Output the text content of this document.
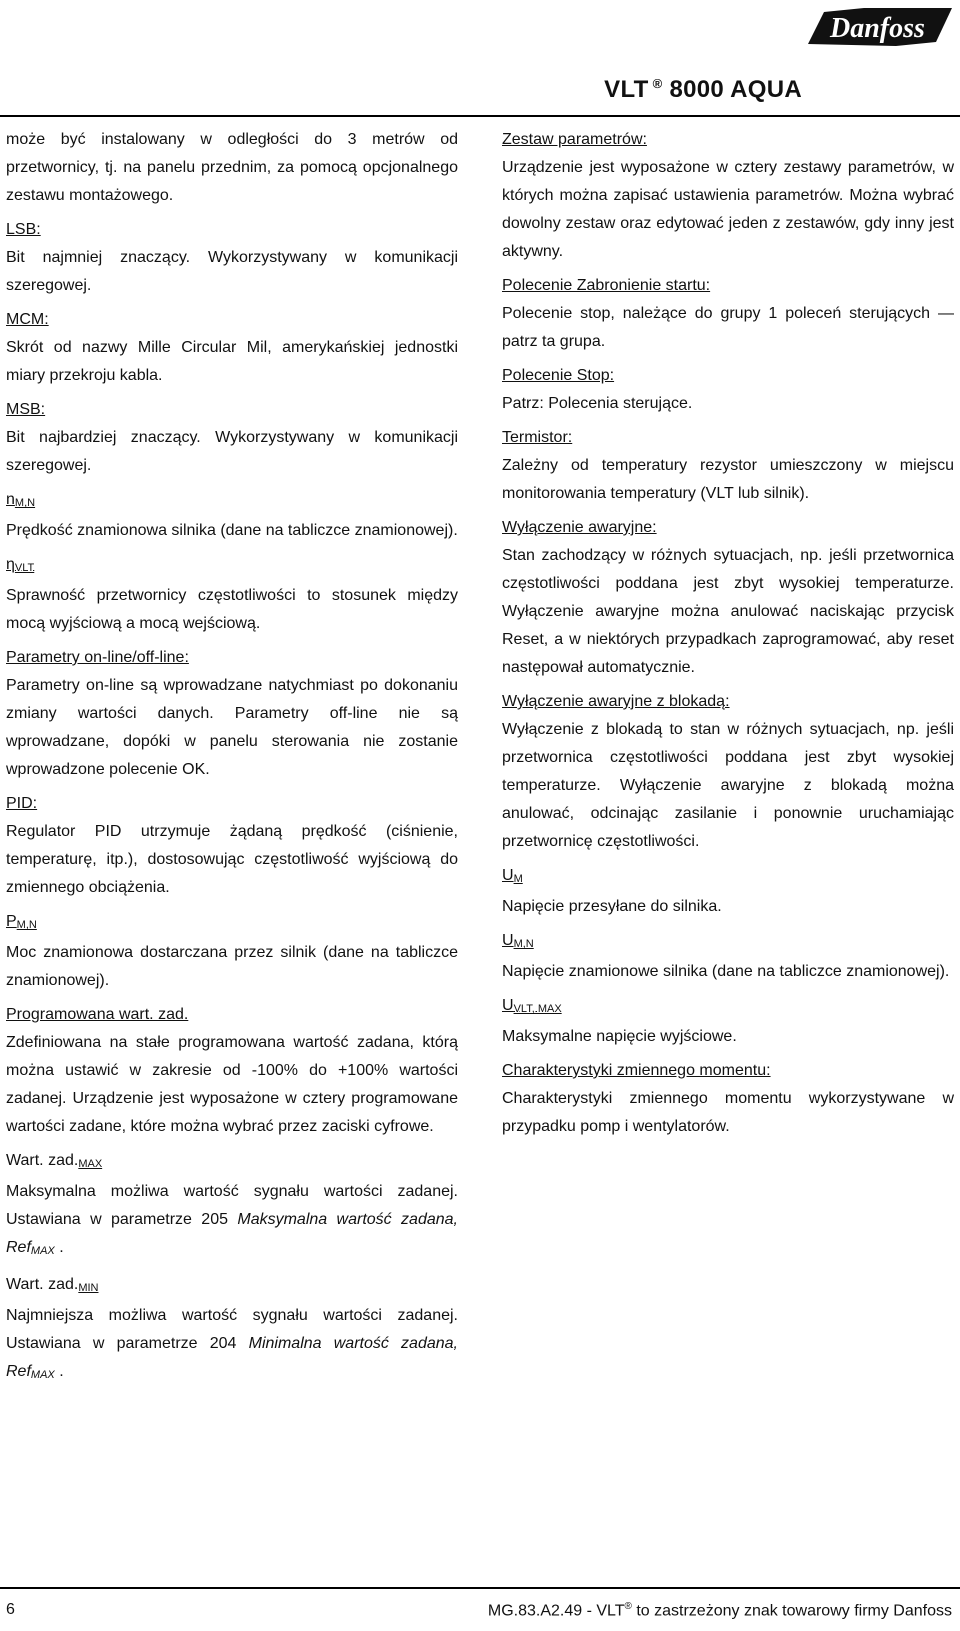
Danfoss
VLT ® 8000 AQUA

może być instalowany w odległości do 3 metrów od przetwornicy, tj. na panelu przednim, za pomocą opcjonalnego zestawu montażowego.

LSB:

Bit najmniej znaczący. Wykorzystywany w komunikacji szeregowej.

MCM:

Skrót od nazwy Mille Circular Mil, amerykańskiej jednostki miary przekroju kabla.

MSB:

Bit najbardziej znaczący. Wykorzystywany w komunikacji szeregowej.

$n_{M,N}$

Prędkość znamionowa silnika (dane na tabliczce znamionowej).

$\eta_{VLT}$

Sprawność przetwornicy częstotliwości to stosunek między mocą wyjściową a mocą wejściową.

Parametry on-line/off-line:

Parametry on-line są wprowadzane natychmiast po dokonaniu zmiany wartości danych. Parametry off-line nie są wprowadzane, dopóki w panelu sterowania nie zostanie wprowadzone polecenie OK.

PID:

Regulator PID utrzymuje żądaną prędkość (ciśnienie, temperaturę, itp.), dostosowując częstotliwość wyjściową do zmiennego obciążenia.

$P_{M,N}$

Moc znamionowa dostarczana przez silnik (dane na tabliczce znamionowej).

Programowana wart. zad.

Zdefiniowana na stałe programowana wartość zadana, którą można ustawić w zakresie od -100% do +100% wartości zadanej. Urządzenie jest wyposażone w cztery programowane wartości zadane, które można wybrać przez zaciski cyfrowe.

Wart. $zad._{MAX}$

Maksymalna możliwa wartość sygnału wartości zadanej. Ustawiana w parametrze 205 Maksymalna wartość zadana, Ref$_{MAX}$ .

Wart. $zad._{MIN}$

Najmniejsza możliwa wartość sygnału wartości zadanej. Ustawiana w parametrze 204 Minimalna wartość zadana, Ref$_{MAX}$ .

Zestaw parametrów:

Urządzenie jest wyposażone w cztery zestawy parametrów, w których można zapisać ustawienia parametrów. Można wybrać dowolny zestaw oraz edytować jeden z zestawów, gdy inny jest aktywny.

Polecenie Zabronienie startu:

Polecenie stop, należące do grupy 1 poleceń sterujących — patrz ta grupa.

Polecenie Stop:

Patrz: Polecenia sterujące.

Termistor:

Zależny od temperatury rezystor umieszczony w miejscu monitorowania temperatury (VLT lub silnik).

Wyłączenie awaryjne:

Stan zachodzący w różnych sytuacjach, np. jeśli przetwornica częstotliwości poddana jest zbyt wysokiej temperaturze. Wyłączenie awaryjne można anulować naciskając przycisk Reset, a w niektórych przypadkach zaprogramować, aby reset następował automatycznie.

Wyłączenie awaryjne z blokadą:

Wyłączenie z blokadą to stan w różnych sytuacjach, np. jeśli przetwornica częstotliwości poddana jest zbyt wysokiej temperaturze. Wyłączenie awaryjne z blokadą można anulować, odcinając zasilanie i ponownie uruchamiając przetwornicę częstotliwości.

$U_M$

Napięcie przesyłane do silnika.

$U_{M,N}$

Napięcie znamionowe silnika (dane na tabliczce znamionowej).

$U_{VLT, MAX}$

Maksymalne napięcie wyjściowe.

Charakterystyki zmiennego momentu:

Charakterystyki zmiennego momentu wykorzystywane w przypadku pomp i wentylatorów.

6	MG.83.A2.49 - VLT® to zastrzeżony znak towarowy firmy Danfoss
